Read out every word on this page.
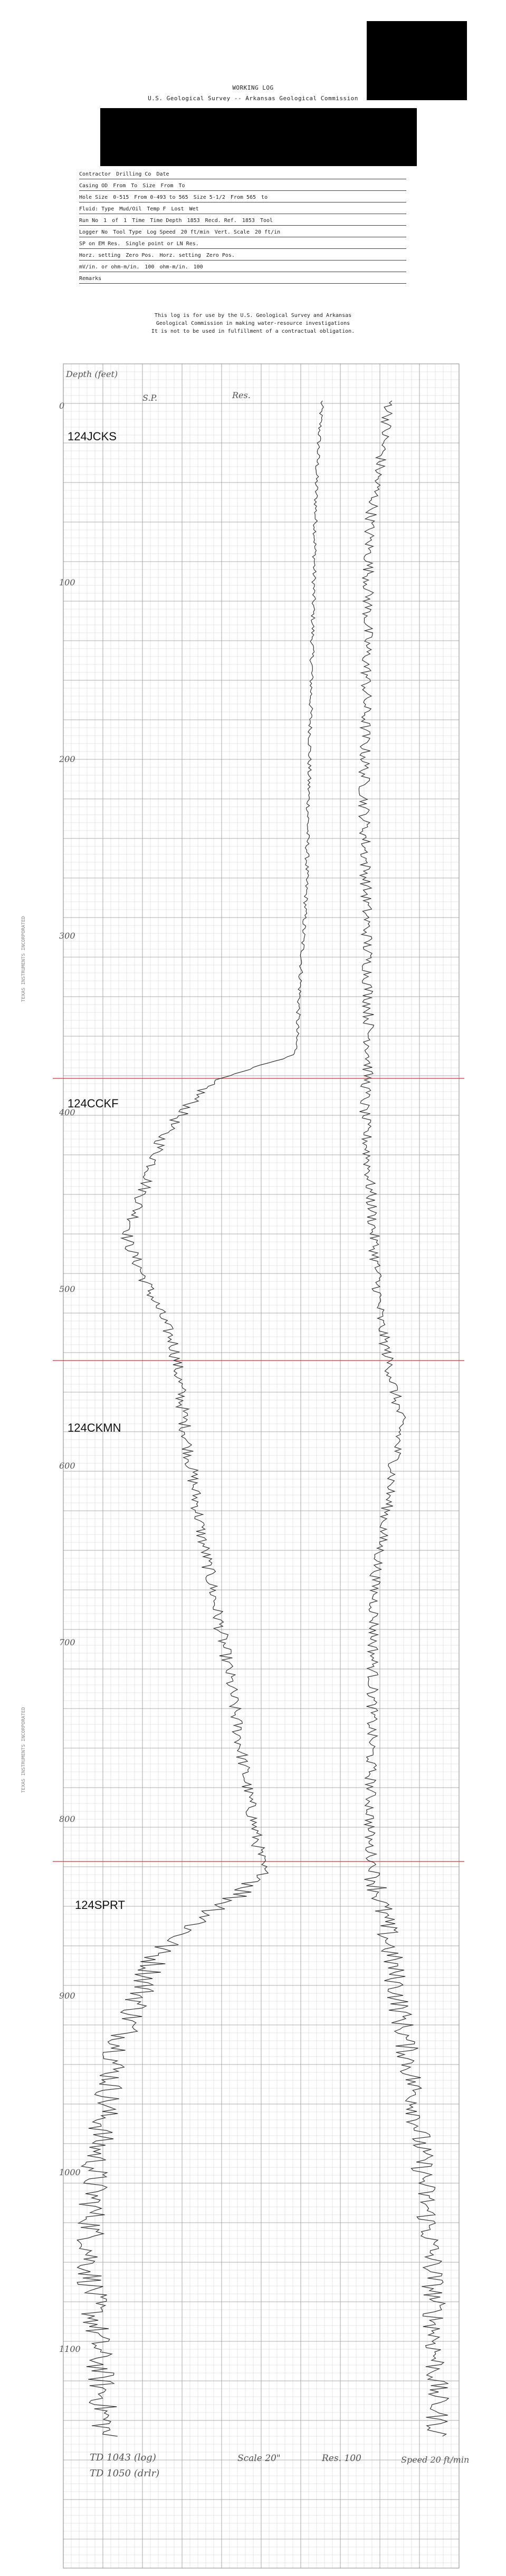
WORKING LOG
U.S. Geological Survey -- Arkansas Geological Commission
Contractor Drilling Co Date
Casing OD From To Size From To
Hole Size 0-515 From 0-493 to 565 Size 5-1/2 From 565 to
Fluid: Type Mud/Oil Temp F Lost Wet
Run No 1 of 1 Time Time Depth 1853 Recd. Ref. 1853 Tool
Logger No Tool Type Log Speed 20 ft/min Vert. Scale 20 ft/in
SP on EM Res. Single point or LN Res.
Horz. setting Zero Pos. Horz. setting Zero Pos.
mV/in. or ohm-m/in. 100 ohm-m/in. 100
Remarks
This log is for use by the U.S. Geological Survey and Arkansas
Geological Commission in making water-resource investigations
It is not to be used in fulfillment of a contractual obligation.
Depth (feet)
S.P.	Res.
0
100
200
300
400
500
600
700
800
900
1000
1100
124JCKS
124CCKF
124CKMN
124SPRT
TEXAS INSTRUMENTS INCORPORATED
TEXAS INSTRUMENTS INCORPORATED
TD 1043 (log)
TD 1050 (drlr)
Scale 20"	Res. 100	Speed 20 ft/min
